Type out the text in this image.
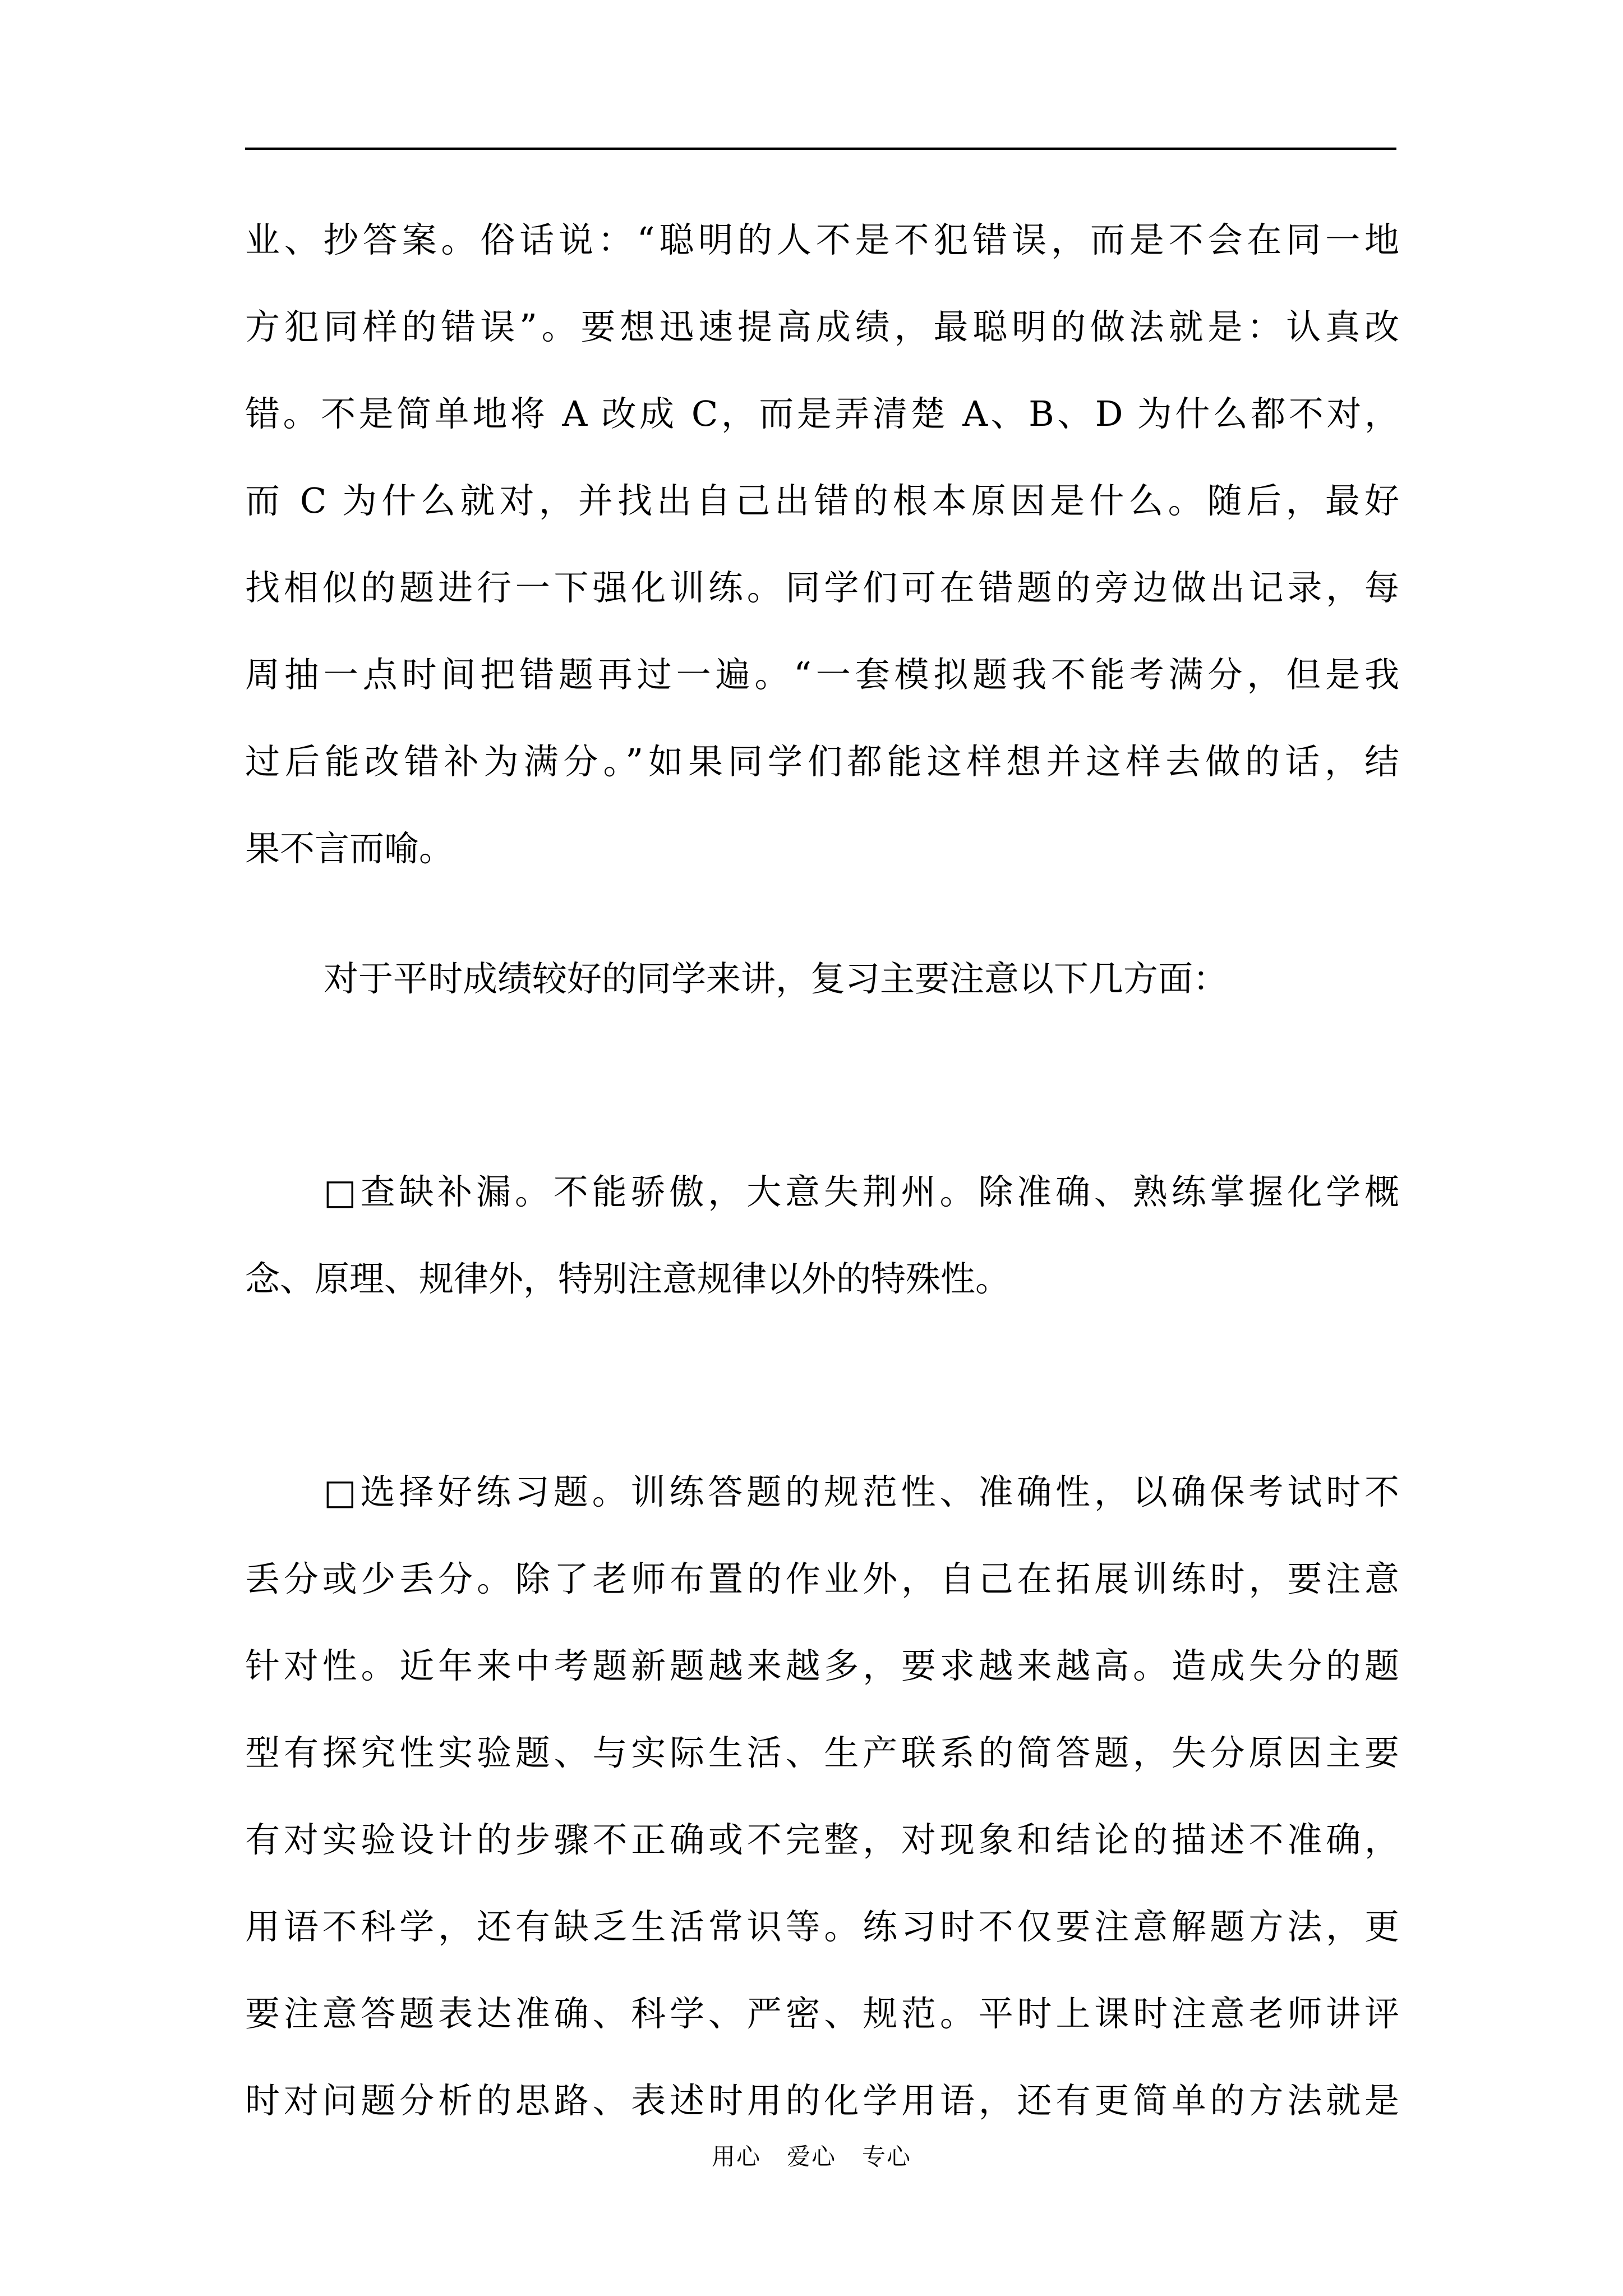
业、抄答案。俗话说：“聪明的人不是不犯错误，而是不会在同一地
方犯同样的错误”。要想迅速提高成绩，最聪明的做法就是：认真改
错。不是简单地将 A 改成 C，而是弄清楚 A、B、D 为什么都不对，
而 C 为什么就对，并找出自己出错的根本原因是什么。随后，最好
找相似的题进行一下强化训练。同学们可在错题的旁边做出记录，每
周抽一点时间把错题再过一遍。“一套模拟题我不能考满分，但是我
过后能改错补为满分。”如果同学们都能这样想并这样去做的话，结
果不言而喻。
对于平时成绩较好的同学来讲，复习主要注意以下几方面：
□查缺补漏。不能骄傲，大意失荆州。除准确、熟练掌握化学概
念、原理、规律外，特别注意规律以外的特殊性。
□选择好练习题。训练答题的规范性、准确性，以确保考试时不
丢分或少丢分。除了老师布置的作业外，自己在拓展训练时，要注意
针对性。近年来中考题新题越来越多，要求越来越高。造成失分的题
型有探究性实验题、与实际生活、生产联系的简答题，失分原因主要
有对实验设计的步骤不正确或不完整，对现象和结论的描述不准确，
用语不科学，还有缺乏生活常识等。练习时不仅要注意解题方法，更
要注意答题表达准确、科学、严密、规范。平时上课时注意老师讲评
时对问题分析的思路、表述时用的化学用语，还有更简单的方法就是
用心   爱心   专心
